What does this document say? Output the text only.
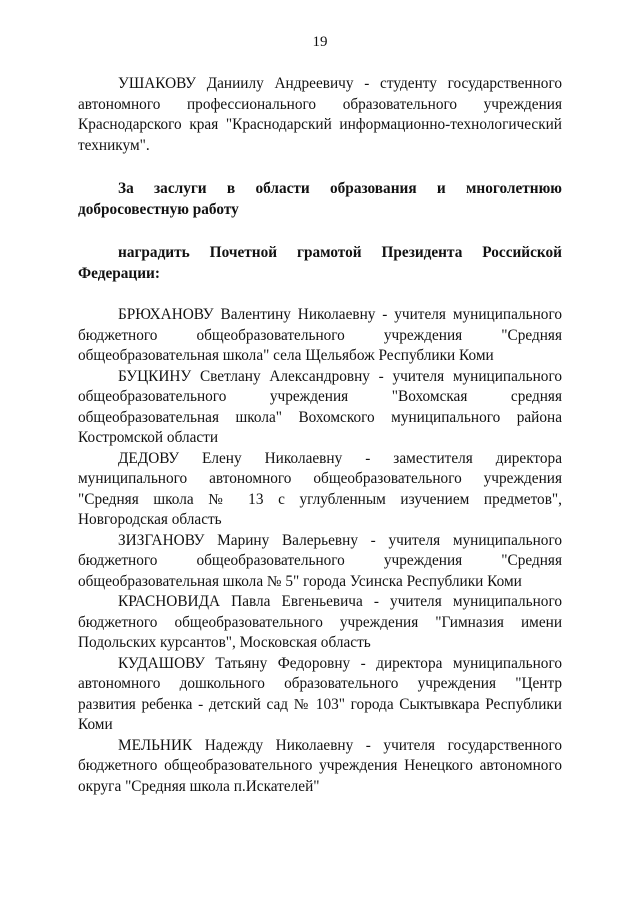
19

УШАКОВУ Даниилу Андреевичу - студенту государственного автономного профессионального образовательного учреждения Краснодарского края "Краснодарский информационно-технологический техникум".

За заслуги в области образования и многолетнюю добросовестную работу

наградить Почетной грамотой Президента Российской Федерации:

БРЮХАНОВУ Валентину Николаевну - учителя муниципального бюджетного общеобразовательного учреждения "Средняя общеобразовательная школа" села Щельябож Республики Коми

БУЦКИНУ Светлану Александровну - учителя муниципального общеобразовательного учреждения "Вохомская средняя общеобразовательная школа" Вохомского муниципального района Костромской области

ДЕДОВУ Елену Николаевну - заместителя директора муниципального автономного общеобразовательного учреждения "Средняя школа № 13 с углубленным изучением предметов", Новгородская область

ЗИЗГАНОВУ Марину Валерьевну - учителя муниципального бюджетного общеобразовательного учреждения "Средняя общеобразовательная школа № 5" города Усинска Республики Коми

КРАСНОВИДА Павла Евгеньевича - учителя муниципального бюджетного общеобразовательного учреждения "Гимназия имени Подольских курсантов", Московская область

КУДАШОВУ Татьяну Федоровну - директора муниципального автономного дошкольного образовательного учреждения "Центр развития ребенка - детский сад № 103" города Сыктывкара Республики Коми

МЕЛЬНИК Надежду Николаевну - учителя государственного бюджетного общеобразовательного учреждения Ненецкого автономного округа "Средняя школа п.Искателей"
